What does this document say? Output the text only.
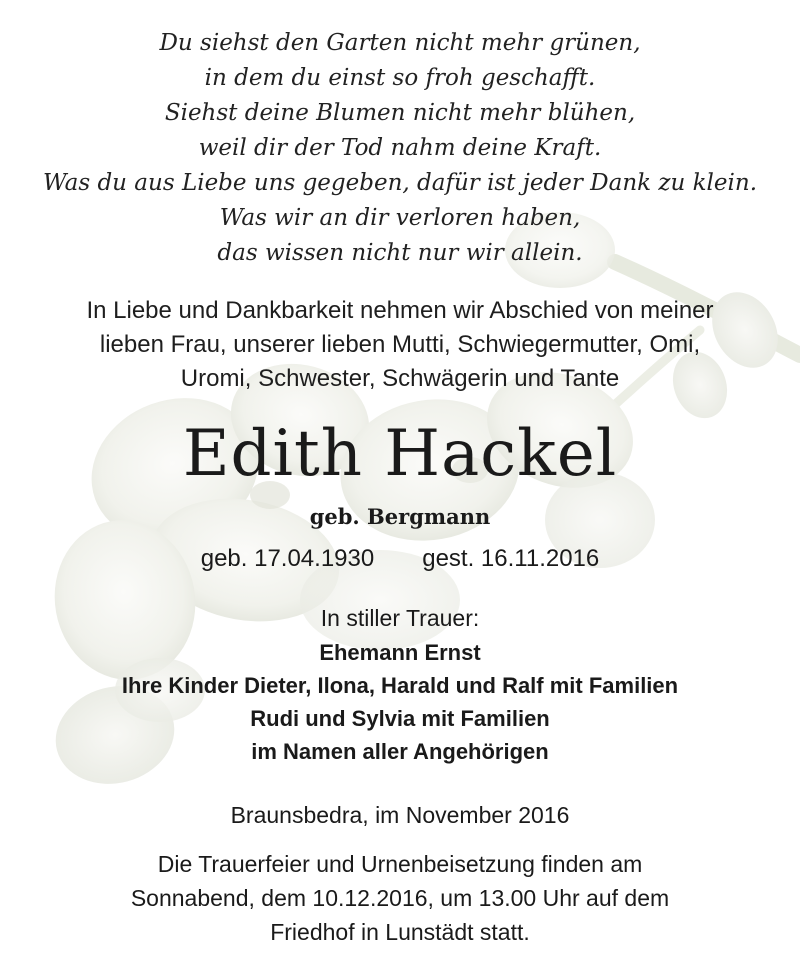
Du siehst den Garten nicht mehr grünen,
in dem du einst so froh geschafft.
Siehst deine Blumen nicht mehr blühen,
weil dir der Tod nahm deine Kraft.
Was du aus Liebe uns gegeben, dafür ist jeder Dank zu klein.
Was wir an dir verloren haben,
das wissen nicht nur wir allein.
In Liebe und Dankbarkeit nehmen wir Abschied von meiner
lieben Frau, unserer lieben Mutti, Schwiegermutter, Omi,
Uromi, Schwester, Schwägerin und Tante
Edith Hackel
geb. Bergmann
geb. 17.04.1930 gest. 16.11.2016
In stiller Trauer:
Ehemann Ernst
Ihre Kinder Dieter, Ilona, Harald und Ralf mit Familien
Rudi und Sylvia mit Familien
im Namen aller Angehörigen
Braunsbedra, im November 2016
Die Trauerfeier und Urnenbeisetzung finden am
Sonnabend, dem 10.12.2016, um 13.00 Uhr auf dem
Friedhof in Lunstädt statt.
